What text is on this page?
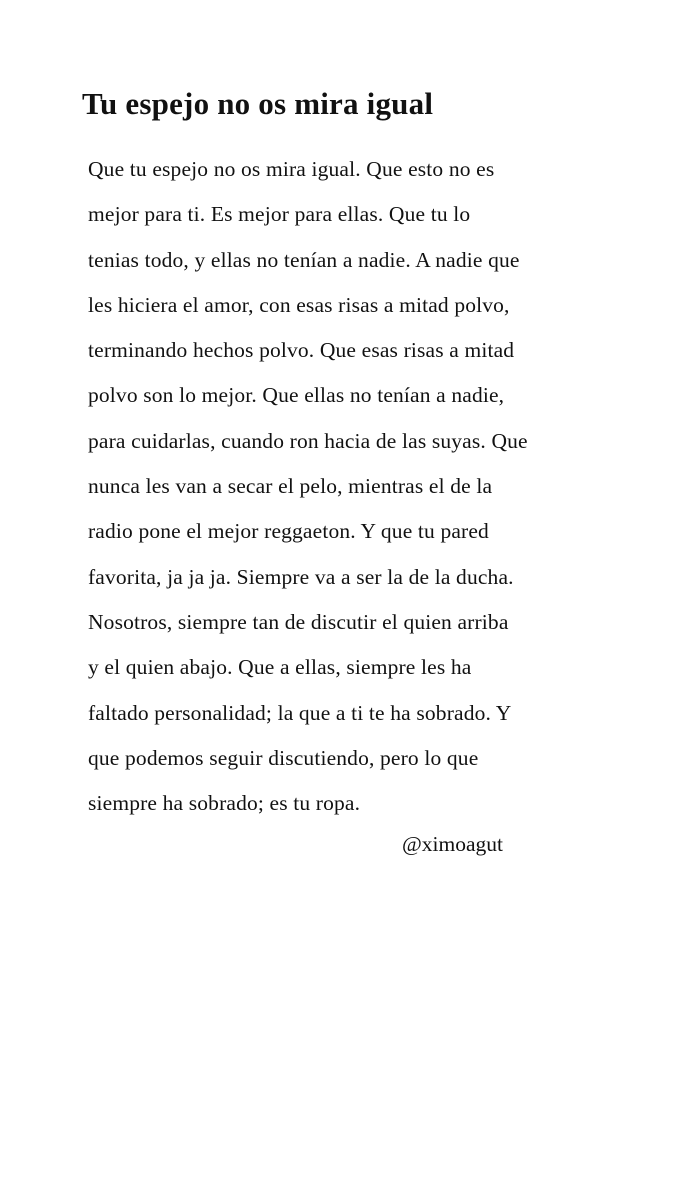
Tu espejo no os mira igual
Que tu espejo no os mira igual. Que esto no es
mejor para ti. Es mejor para ellas. Que tu lo
tenias todo, y ellas no tenían a nadie. A nadie que
les hiciera el amor, con esas risas a mitad polvo,
terminando hechos polvo. Que esas risas a mitad
polvo son lo mejor. Que ellas no tenían a nadie,
para cuidarlas, cuando ron hacia de las suyas. Que
nunca les van a secar el pelo, mientras el de la
radio pone el mejor reggaeton. Y que tu pared
favorita, ja ja ja. Siempre va a ser la de la ducha.
Nosotros, siempre tan de discutir el quien arriba
y el quien abajo. Que a ellas, siempre les ha
faltado personalidad; la que a ti te ha sobrado. Y
que podemos seguir discutiendo, pero lo que
siempre ha sobrado; es tu ropa.
@ximoagut
